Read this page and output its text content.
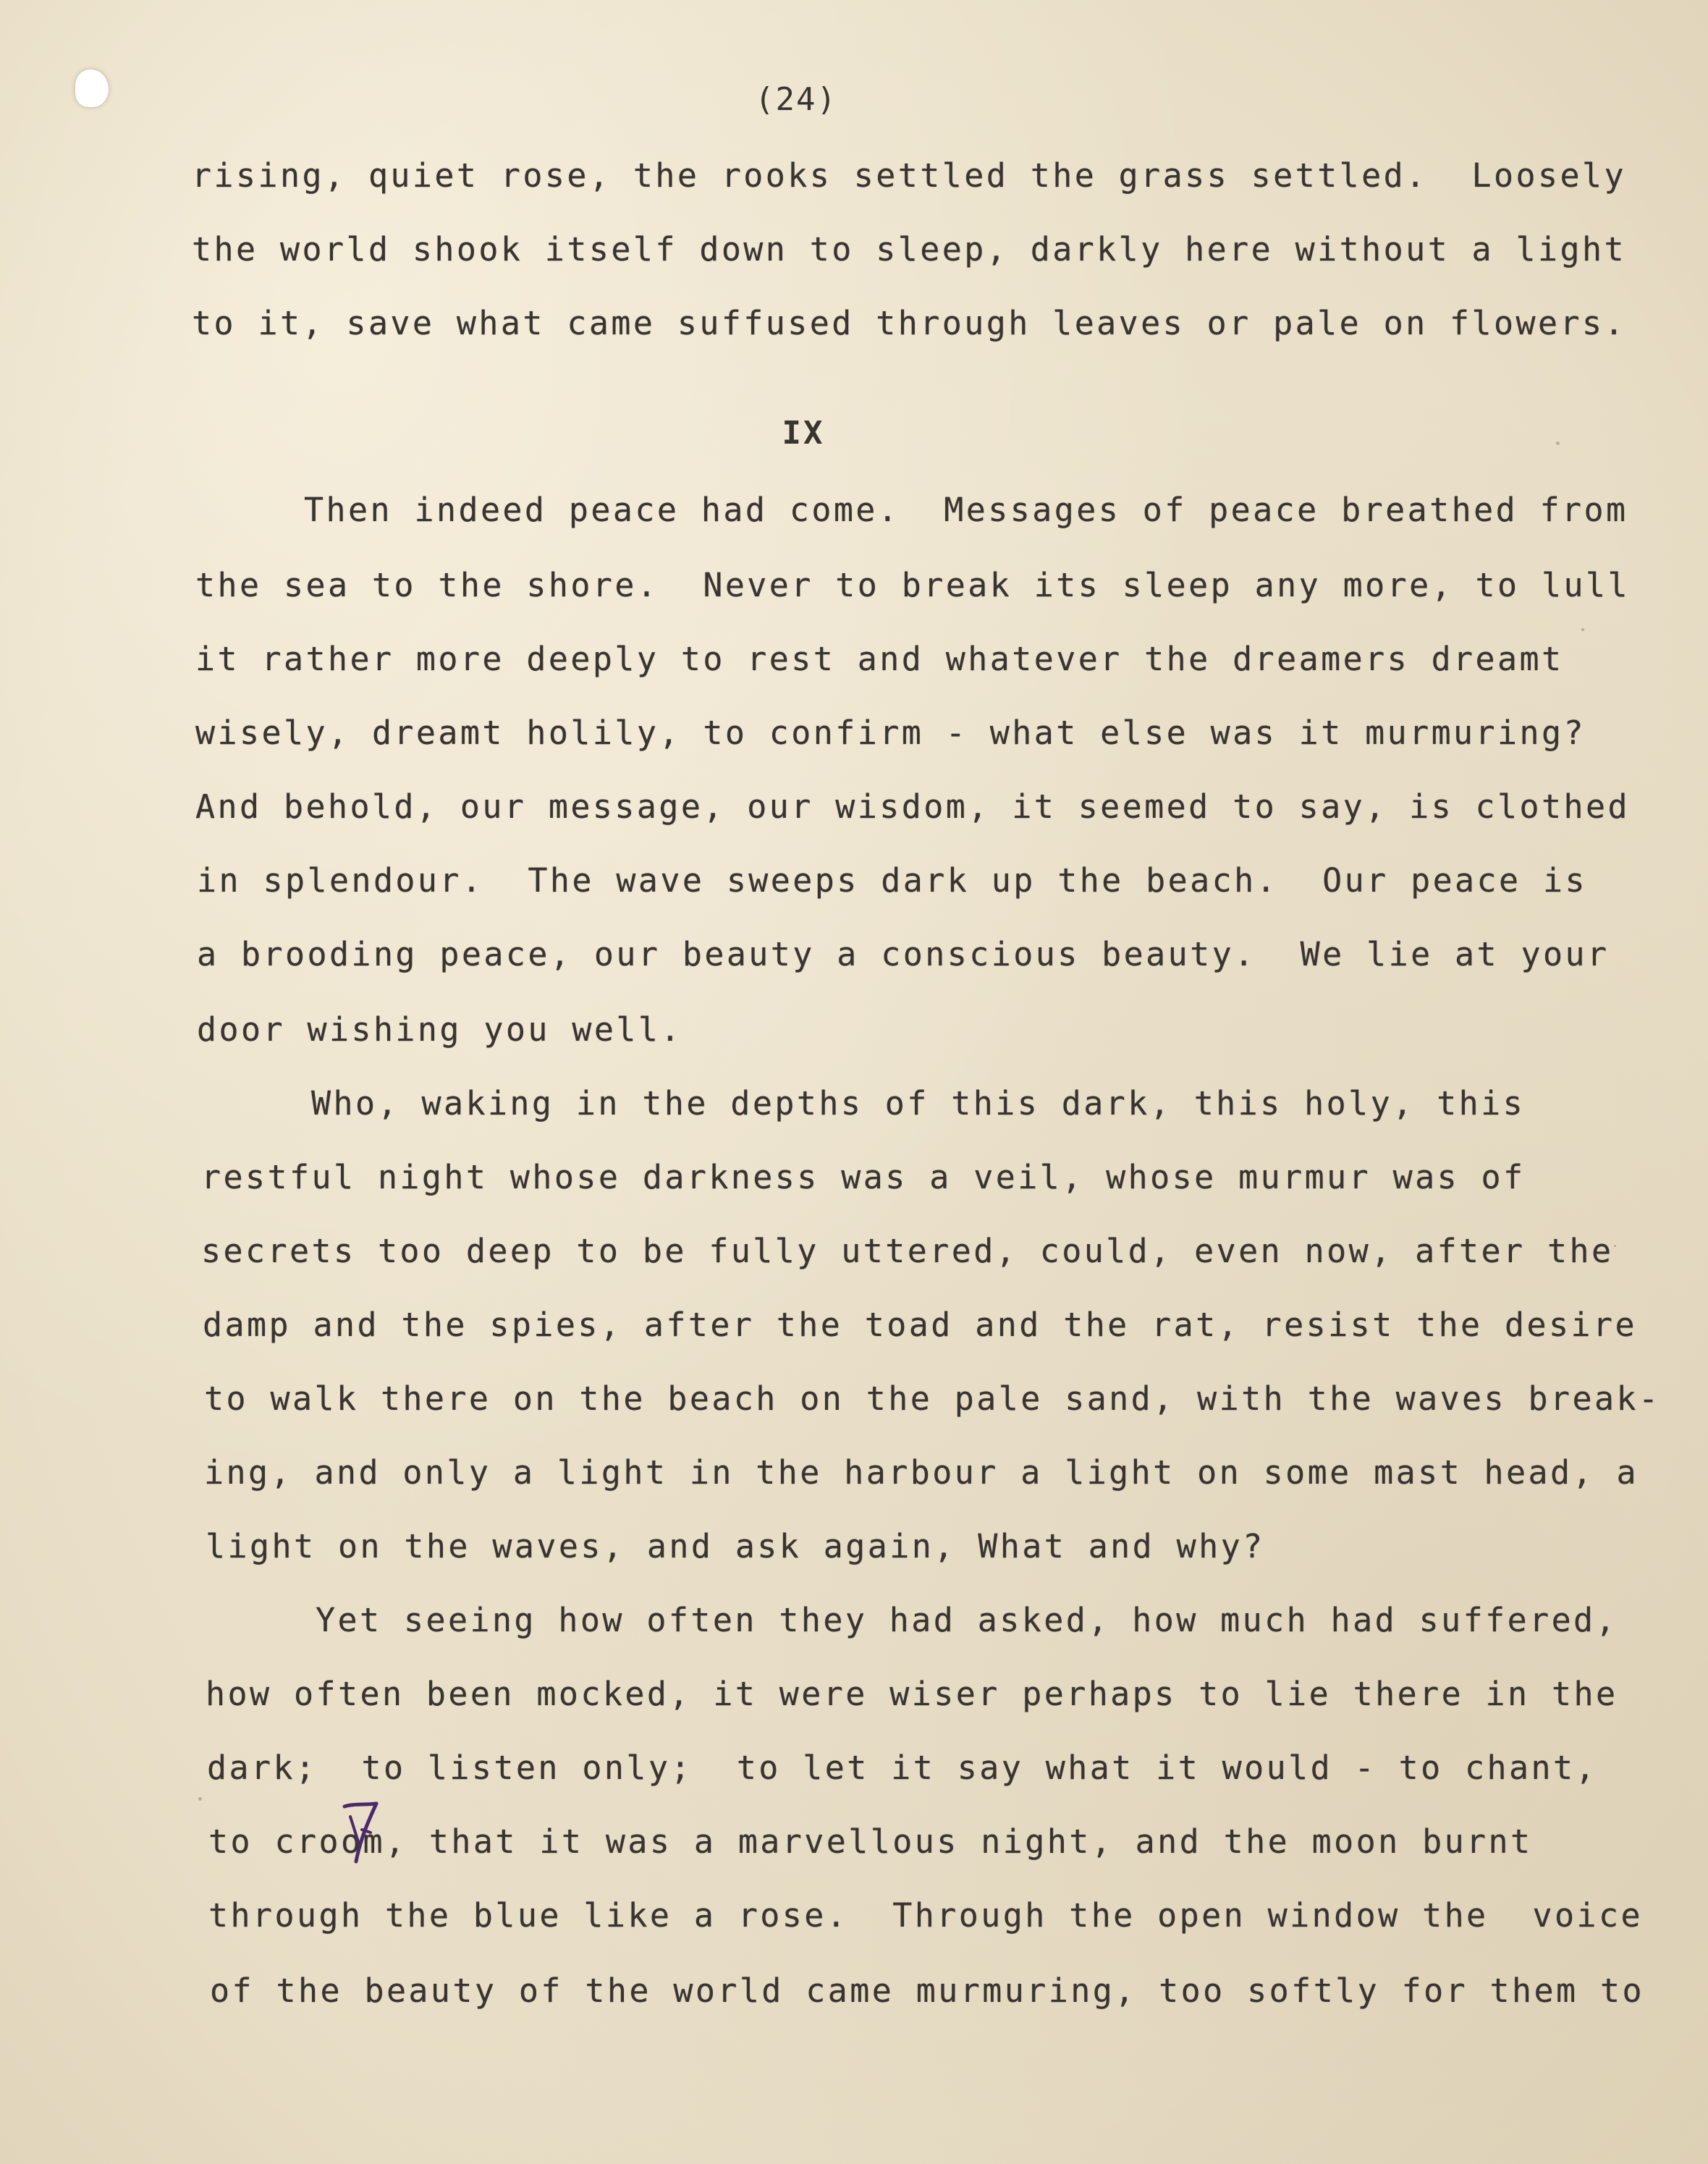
(24)
IX

rising, quiet rose, the rooks settled the grass settled.  Loosely

the world shook itself down to sleep, darkly here without a light

to it, save what came suffused through leaves or pale on flowers.

Then indeed peace had come.  Messages of peace breathed from

the sea to the shore.  Never to break its sleep any more, to lull

it rather more deeply to rest and whatever the dreamers dreamt

wisely, dreamt holily, to confirm - what else was it murmuring?

And behold, our message, our wisdom, it seemed to say, is clothed

in splendour.  The wave sweeps dark up the beach.  Our peace is

a brooding peace, our beauty a conscious beauty.  We lie at your

door wishing you well.

Who, waking in the depths of this dark, this holy, this

restful night whose darkness was a veil, whose murmur was of

secrets too deep to be fully uttered, could, even now, after the

damp and the spies, after the toad and the rat, resist the desire

to walk there on the beach on the pale sand, with the waves break-

ing, and only a light in the harbour a light on some mast head, a

light on the waves, and ask again, What and why?

Yet seeing how often they had asked, how much had suffered,

how often been mocked, it were wiser perhaps to lie there in the

dark;  to listen only;  to let it say what it would - to chant,

to croom, that it was a marvellous night, and the moon burnt

through the blue like a rose.  Through the open window the  voice

of the beauty of the world came murmuring, too softly for them to
